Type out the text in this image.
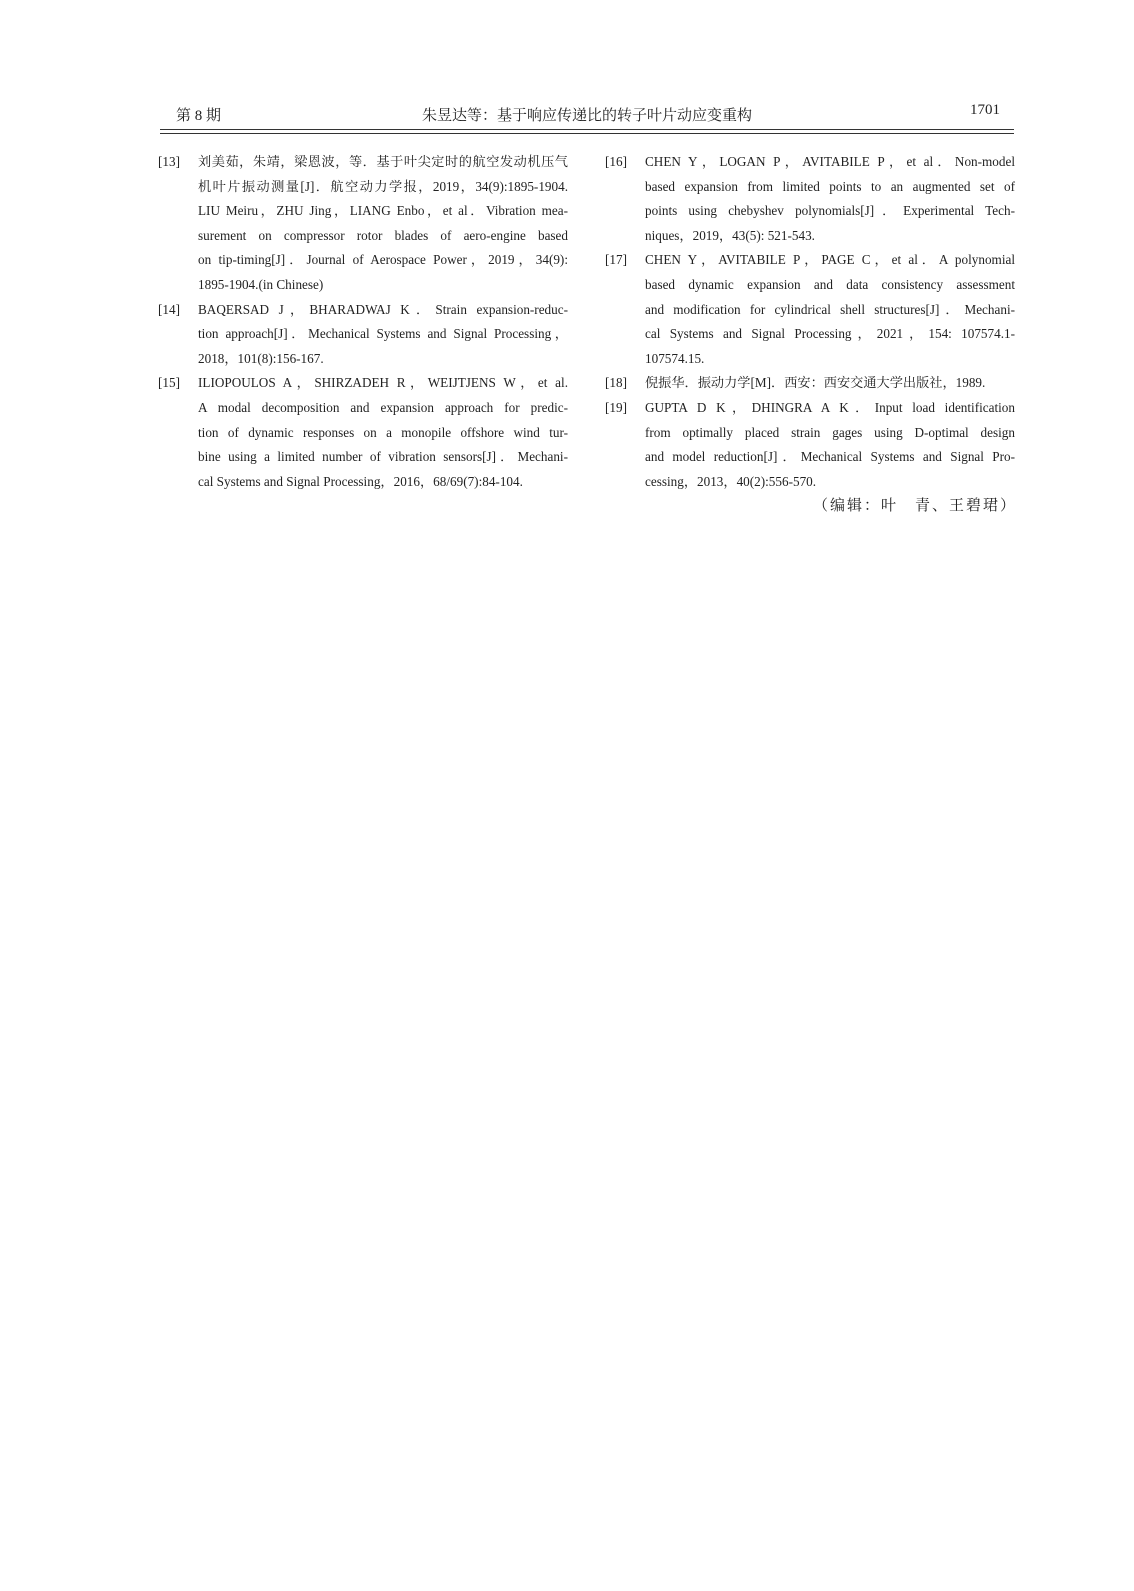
第 8 期	朱昱达等：基于响应传递比的转子叶片动应变重构	1701
[13] 刘美茹，朱靖，梁恩波，等．基于叶尖定时的航空发动机压气
机叶片振动测量[J]．航空动力学报，2019，34(9):1895-1904.
LIU Meiru，ZHU Jing，LIANG Enbo，et al．Vibration mea-
surement on compressor rotor blades of aero-engine based
on tip-timing[J]．Journal of Aerospace Power，2019，34(9):
1895-1904.(in Chinese)
[14] BAQERSAD J，BHARADWAJ K．Strain expansion-reduc-
tion approach[J]．Mechanical Systems and Signal Processing，
2018，101(8):156-167.
[15] ILIOPOULOS A，SHIRZADEH R，WEIJTJENS W，et al.
A modal decomposition and expansion approach for predic-
tion of dynamic responses on a monopile offshore wind tur-
bine using a limited number of vibration sensors[J]．Mechani-
cal Systems and Signal Processing，2016，68/69(7):84-104.
[16] CHEN Y，LOGAN P，AVITABILE P，et al．Non-model
based expansion from limited points to an augmented set of
points using chebyshev polynomials[J]．Experimental Tech-
niques，2019，43(5): 521-543.
[17] CHEN Y，AVITABILE P，PAGE C，et al．A polynomial
based dynamic expansion and data consistency assessment
and modification for cylindrical shell structures[J]．Mechani-
cal Systems and Signal Processing，2021，154: 107574.1-
107574.15.
[18] 倪振华．振动力学[M]．西安：西安交通大学出版社，1989.
[19] GUPTA D K，DHINGRA A K．Input load identification
from optimally placed strain gages using D-optimal design
and model reduction[J]．Mechanical Systems and Signal Pro-
cessing，2013，40(2):556-570.
（编辑：叶　青、王碧珺）
